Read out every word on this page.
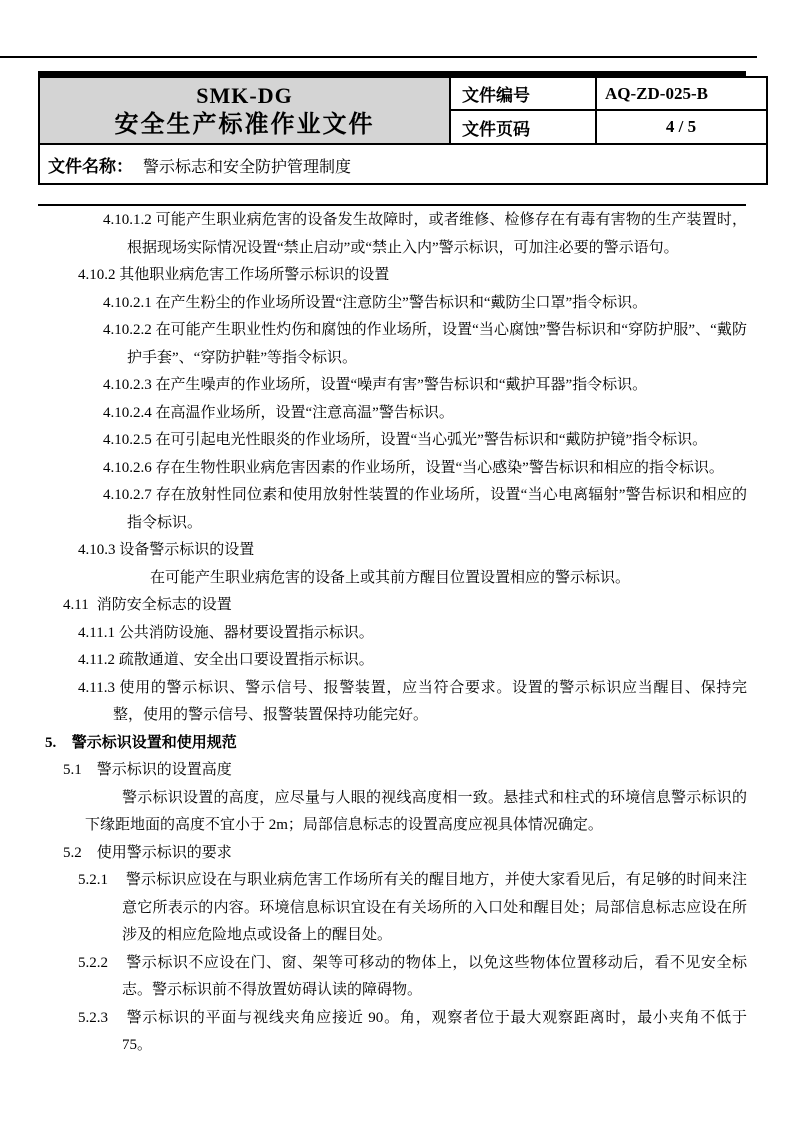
SMK-DG
安全生产标准作业文件	文件编号	AQ-ZD-025-B
	文件页码	4 / 5
文件名称： 警示标志和安全防护管理制度		
4.10.1.2 可能产生职业病危害的设备发生故障时，或者维修、检修存在有毒有害物的生产装置时，根据现场实际情况设置“禁止启动”或“禁止入内”警示标识，可加注必要的警示语句。
4.10.2 其他职业病危害工作场所警示标识的设置
4.10.2.1 在产生粉尘的作业场所设置“注意防尘”警告标识和“戴防尘口罩”指令标识。
4.10.2.2 在可能产生职业性灼伤和腐蚀的作业场所，设置“当心腐蚀”警告标识和“穿防护服”、“戴防护手套”、“穿防护鞋”等指令标识。
4.10.2.3 在产生噪声的作业场所，设置“噪声有害”警告标识和“戴护耳器”指令标识。
4.10.2.4 在高温作业场所，设置“注意高温”警告标识。
4.10.2.5 在可引起电光性眼炎的作业场所，设置“当心弧光”警告标识和“戴防护镜”指令标识。
4.10.2.6 存在生物性职业病危害因素的作业场所，设置“当心感染”警告标识和相应的指令标识。
4.10.2.7 存在放射性同位素和使用放射性装置的作业场所，设置“当心电离辐射”警告标识和相应的指令标识。
4.10.3 设备警示标识的设置
在可能产生职业病危害的设备上或其前方醒目位置设置相应的警示标识。
4.11 消防安全标志的设置
4.11.1 公共消防设施、器材要设置指示标识。
4.11.2 疏散通道、安全出口要设置指示标识。
4.11.3 使用的警示标识、警示信号、报警装置，应当符合要求。设置的警示标识应当醒目、保持完整，使用的警示信号、报警装置保持功能完好。
5. 警示标识设置和使用规范
5.1 警示标识的设置高度
警示标识设置的高度，应尽量与人眼的视线高度相一致。悬挂式和柱式的环境信息警示标识的下缘距地面的高度不宜小于 2m；局部信息标志的设置高度应视具体情况确定。
5.2 使用警示标识的要求
5.2.1 警示标识应设在与职业病危害工作场所有关的醒目地方，并使大家看见后，有足够的时间来注意它所表示的内容。环境信息标识宜设在有关场所的入口处和醒目处；局部信息标志应设在所涉及的相应危险地点或设备上的醒目处。
5.2.2 警示标识不应设在门、窗、架等可移动的物体上，以免这些物体位置移动后，看不见安全标志。警示标识前不得放置妨碍认读的障碍物。
5.2.3 警示标识的平面与视线夹角应接近 90。角，观察者位于最大观察距离时，最小夹角不低于 75。
